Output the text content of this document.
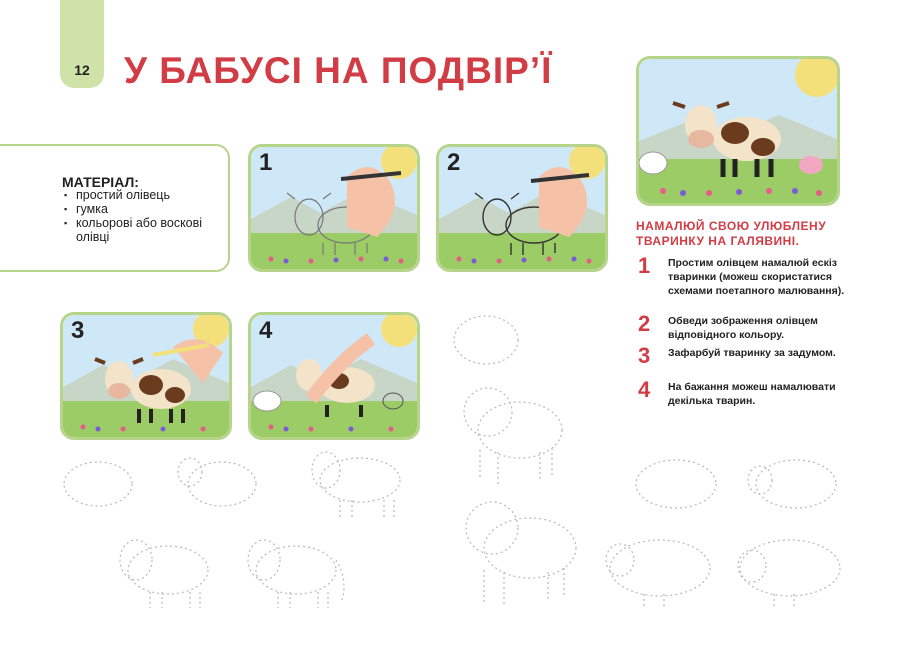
12 У БАБУСІ НА ПОДВІР’Ї
МАТЕРІАЛ:
▪ простий олівець
▪ гумка
▪ кольорові або воскові олівці
1	2
3	4
НАМАЛЮЙ СВОЮ УЛЮБЛЕНУ ТВАРИНКУ НА ГАЛЯВИНІ.
1 Простим олівцем намалюй ескіз тваринки (можеш скористатися схемами поетапного малювання).
2 Обведи зображення олівцем відповідного кольору.
3 Зафарбуй тваринку за задумом.
4 На бажання можеш намалювати декілька тварин.
